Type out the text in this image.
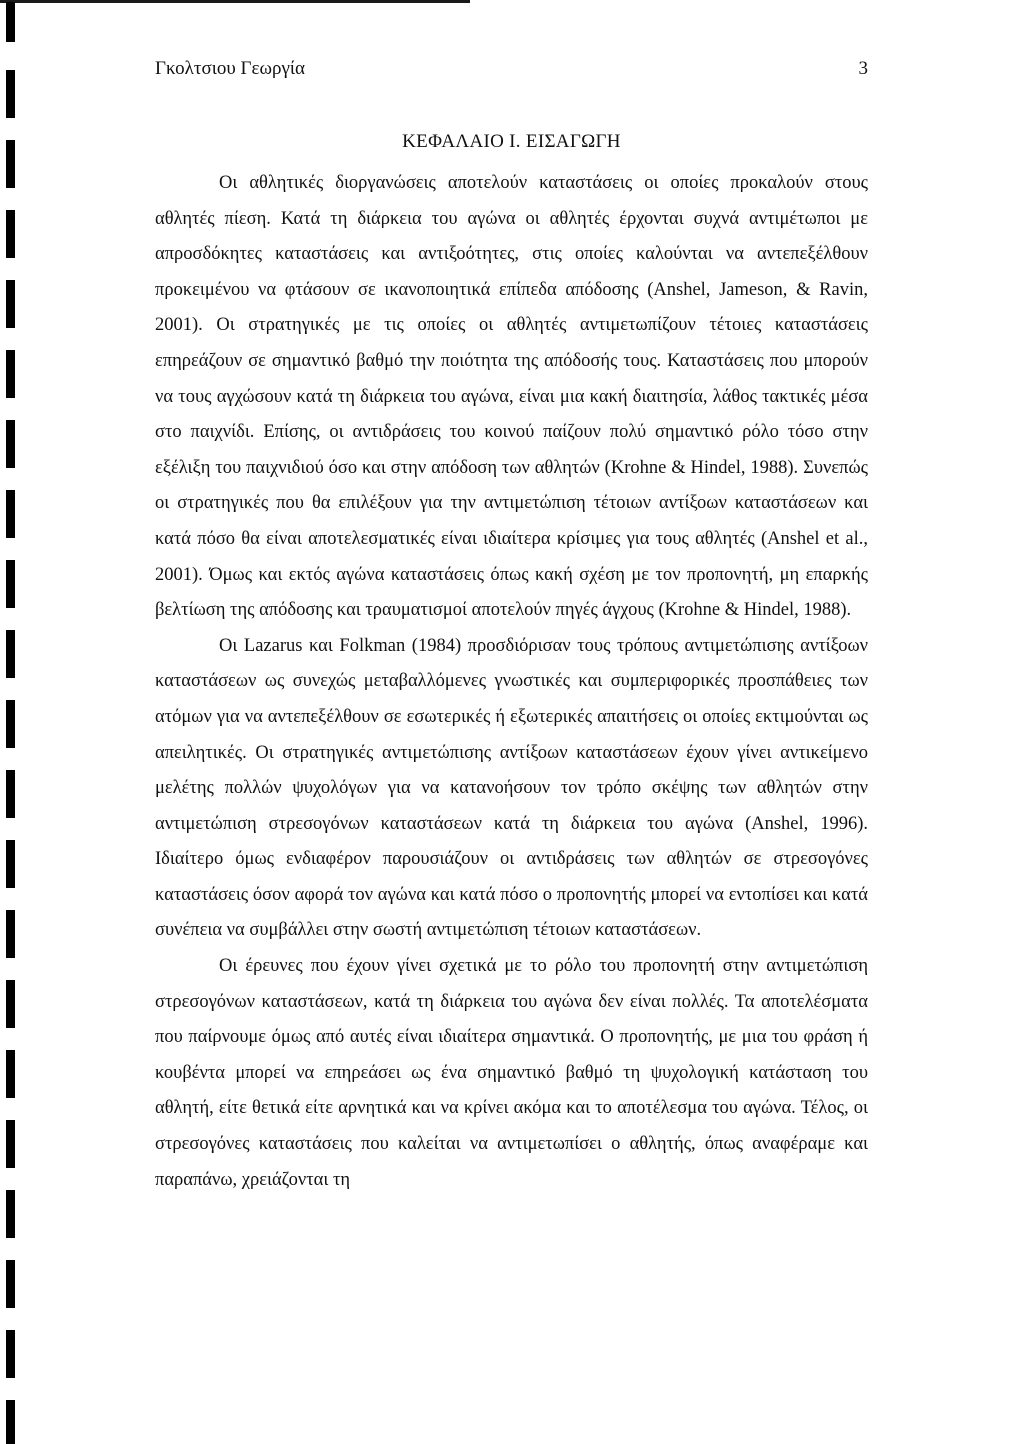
Γκολτσιου Γεωργία	3
ΚΕΦΑΛΑΙΟ Ι. ΕΙΣΑΓΩΓΗ

Οι αθλητικές διοργανώσεις αποτελούν καταστάσεις οι οποίες προκαλούν στους αθλητές πίεση. Κατά τη διάρκεια του αγώνα οι αθλητές έρχονται συχνά αντιμέτωποι με απροσδόκητες καταστάσεις και αντιξοότητες, στις οποίες καλούνται να αντεπεξέλθουν προκειμένου να φτάσουν σε ικανοποιητικά επίπεδα απόδοσης (Anshel, Jameson, & Ravin, 2001). Οι στρατηγικές με τις οποίες οι αθλητές αντιμετωπίζουν τέτοιες καταστάσεις επηρεάζουν σε σημαντικό βαθμό την ποιότητα της απόδοσής τους. Καταστάσεις που μπορούν να τους αγχώσουν κατά τη διάρκεια του αγώνα, είναι μια κακή διαιτησία, λάθος τακτικές μέσα στο παιχνίδι. Επίσης, οι αντιδράσεις του κοινού παίζουν πολύ σημαντικό ρόλο τόσο στην εξέλιξη του παιχνιδιού όσο και στην απόδοση των αθλητών (Krohne & Hindel, 1988). Συνεπώς οι στρατηγικές που θα επιλέξουν για την αντιμετώπιση τέτοιων αντίξοων καταστάσεων και κατά πόσο θα είναι αποτελεσματικές είναι ιδιαίτερα κρίσιμες για τους αθλητές (Anshel et al., 2001). Όμως και εκτός αγώνα καταστάσεις όπως κακή σχέση με τον προπονητή, μη επαρκής βελτίωση της απόδοσης και τραυματισμοί αποτελούν πηγές άγχους (Krohne & Hindel, 1988).

Οι Lazarus και Folkman (1984) προσδιόρισαν τους τρόπους αντιμετώπισης αντίξοων καταστάσεων ως συνεχώς μεταβαλλόμενες γνωστικές και συμπεριφορικές προσπάθειες των ατόμων για να αντεπεξέλθουν σε εσωτερικές ή εξωτερικές απαιτήσεις οι οποίες εκτιμούνται ως απειλητικές. Οι στρατηγικές αντιμετώπισης αντίξοων καταστάσεων έχουν γίνει αντικείμενο μελέτης πολλών ψυχολόγων για να κατανοήσουν τον τρόπο σκέψης των αθλητών στην αντιμετώπιση στρεσογόνων καταστάσεων κατά τη διάρκεια του αγώνα (Anshel, 1996). Ιδιαίτερο όμως ενδιαφέρον παρουσιάζουν οι αντιδράσεις των αθλητών σε στρεσογόνες καταστάσεις όσον αφορά τον αγώνα και κατά πόσο ο προπονητής μπορεί να εντοπίσει και κατά συνέπεια να συμβάλλει στην σωστή αντιμετώπιση τέτοιων καταστάσεων.

Οι έρευνες που έχουν γίνει σχετικά με το ρόλο του προπονητή στην αντιμετώπιση στρεσογόνων καταστάσεων, κατά τη διάρκεια του αγώνα δεν είναι πολλές. Τα αποτελέσματα που παίρνουμε όμως από αυτές είναι ιδιαίτερα σημαντικά. Ο προπονητής, με μια του φράση ή κουβέντα μπορεί να επηρεάσει ως ένα σημαντικό βαθμό τη ψυχολογική κατάσταση του αθλητή, είτε θετικά είτε αρνητικά και να κρίνει ακόμα και το αποτέλεσμα του αγώνα. Τέλος, οι στρεσογόνες καταστάσεις που καλείται να αντιμετωπίσει ο αθλητής, όπως αναφέραμε και παραπάνω, χρειάζονται τη
